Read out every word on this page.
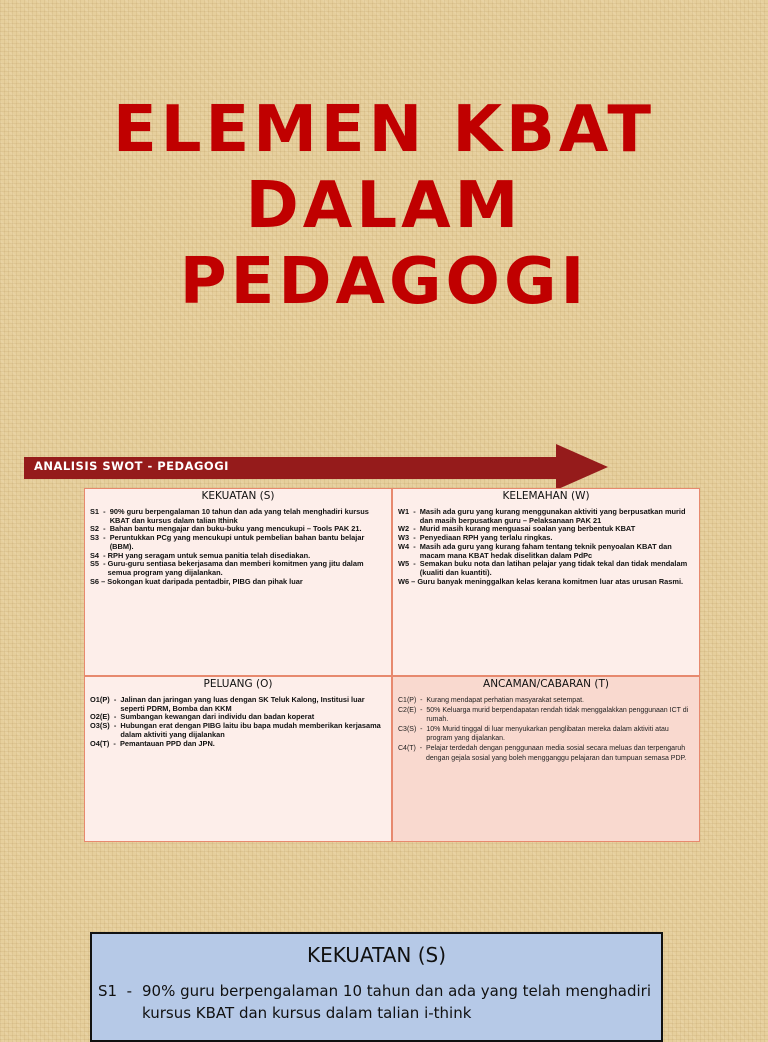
ELEMEN KBAT
DALAM
PEDAGOGI
ANALISIS SWOT - PEDAGOGI
KEKUATAN (S)
S1  - 90% guru berpengalaman 10 tahun dan ada yang telah menghadiri kursus KBAT dan kursus dalam talian Ithink
S2  - Bahan bantu mengajar dan buku-buku yang mencukupi – Tools PAK 21.
S3  - Peruntukkan PCg yang mencukupi untuk pembelian bahan bantu belajar (BBM).
S4  - RPH yang seragam untuk semua panitia telah disediakan.
S5  - Guru-guru sentiasa bekerjasama dan memberi komitmen yang jitu dalam semua program yang dijalankan.
S6 – Sokongan kuat daripada pentadbir, PIBG dan pihak luar
KELEMAHAN (W)
W1  - Masih ada guru yang kurang menggunakan aktiviti yang berpusatkan murid dan masih berpusatkan guru – Pelaksanaan PAK 21
W2  - Murid masih kurang menguasai soalan yang berbentuk KBAT
W3  - Penyediaan RPH yang terlalu ringkas.
W4  - Masih ada guru yang kurang faham tentang teknik penyoalan KBAT dan macam mana KBAT hedak diselitkan dalam PdPc
W5  - Semakan buku nota dan latihan pelajar yang tidak tekal dan tidak mendalam (kualiti dan kuantiti).
W6 – Guru banyak meninggalkan kelas kerana komitmen luar atas urusan Rasmi.
PELUANG (O)
O1(P)  - Jalinan dan jaringan yang luas dengan SK Teluk Kalong, Institusi luar seperti PDRM, Bomba dan KKM
O2(E)  - Sumbangan kewangan dari individu dan badan koperat
O3(S)  - Hubungan erat dengan PIBG laitu ibu bapa mudah memberikan kerjasama dalam aktiviti yang dijalankan
O4(T)  - Pemantauan PPD dan JPN.
ANCAMAN/CABARAN (T)
C1(P)  - Kurang mendapat perhatian masyarakat setempat.
C2(E)  - 50% Keluarga murid berpendapatan rendah tidak menggalakkan penggunaan ICT di rumah.
C3(S)  - 10% Murid tinggal di luar menyukarkan penglibatan mereka dalam aktiviti atau program yang dijalankan.
C4(T)  - Pelajar terdedah dengan penggunaan media sosial secara meluas dan terpengaruh dengan gejala sosial yang boleh mengganggu pelajaran dan tumpuan semasa PDP.
KEKUATAN (S)
S1  - 90% guru berpengalaman 10 tahun dan ada yang telah menghadiri kursus KBAT dan kursus dalam talian i-think
